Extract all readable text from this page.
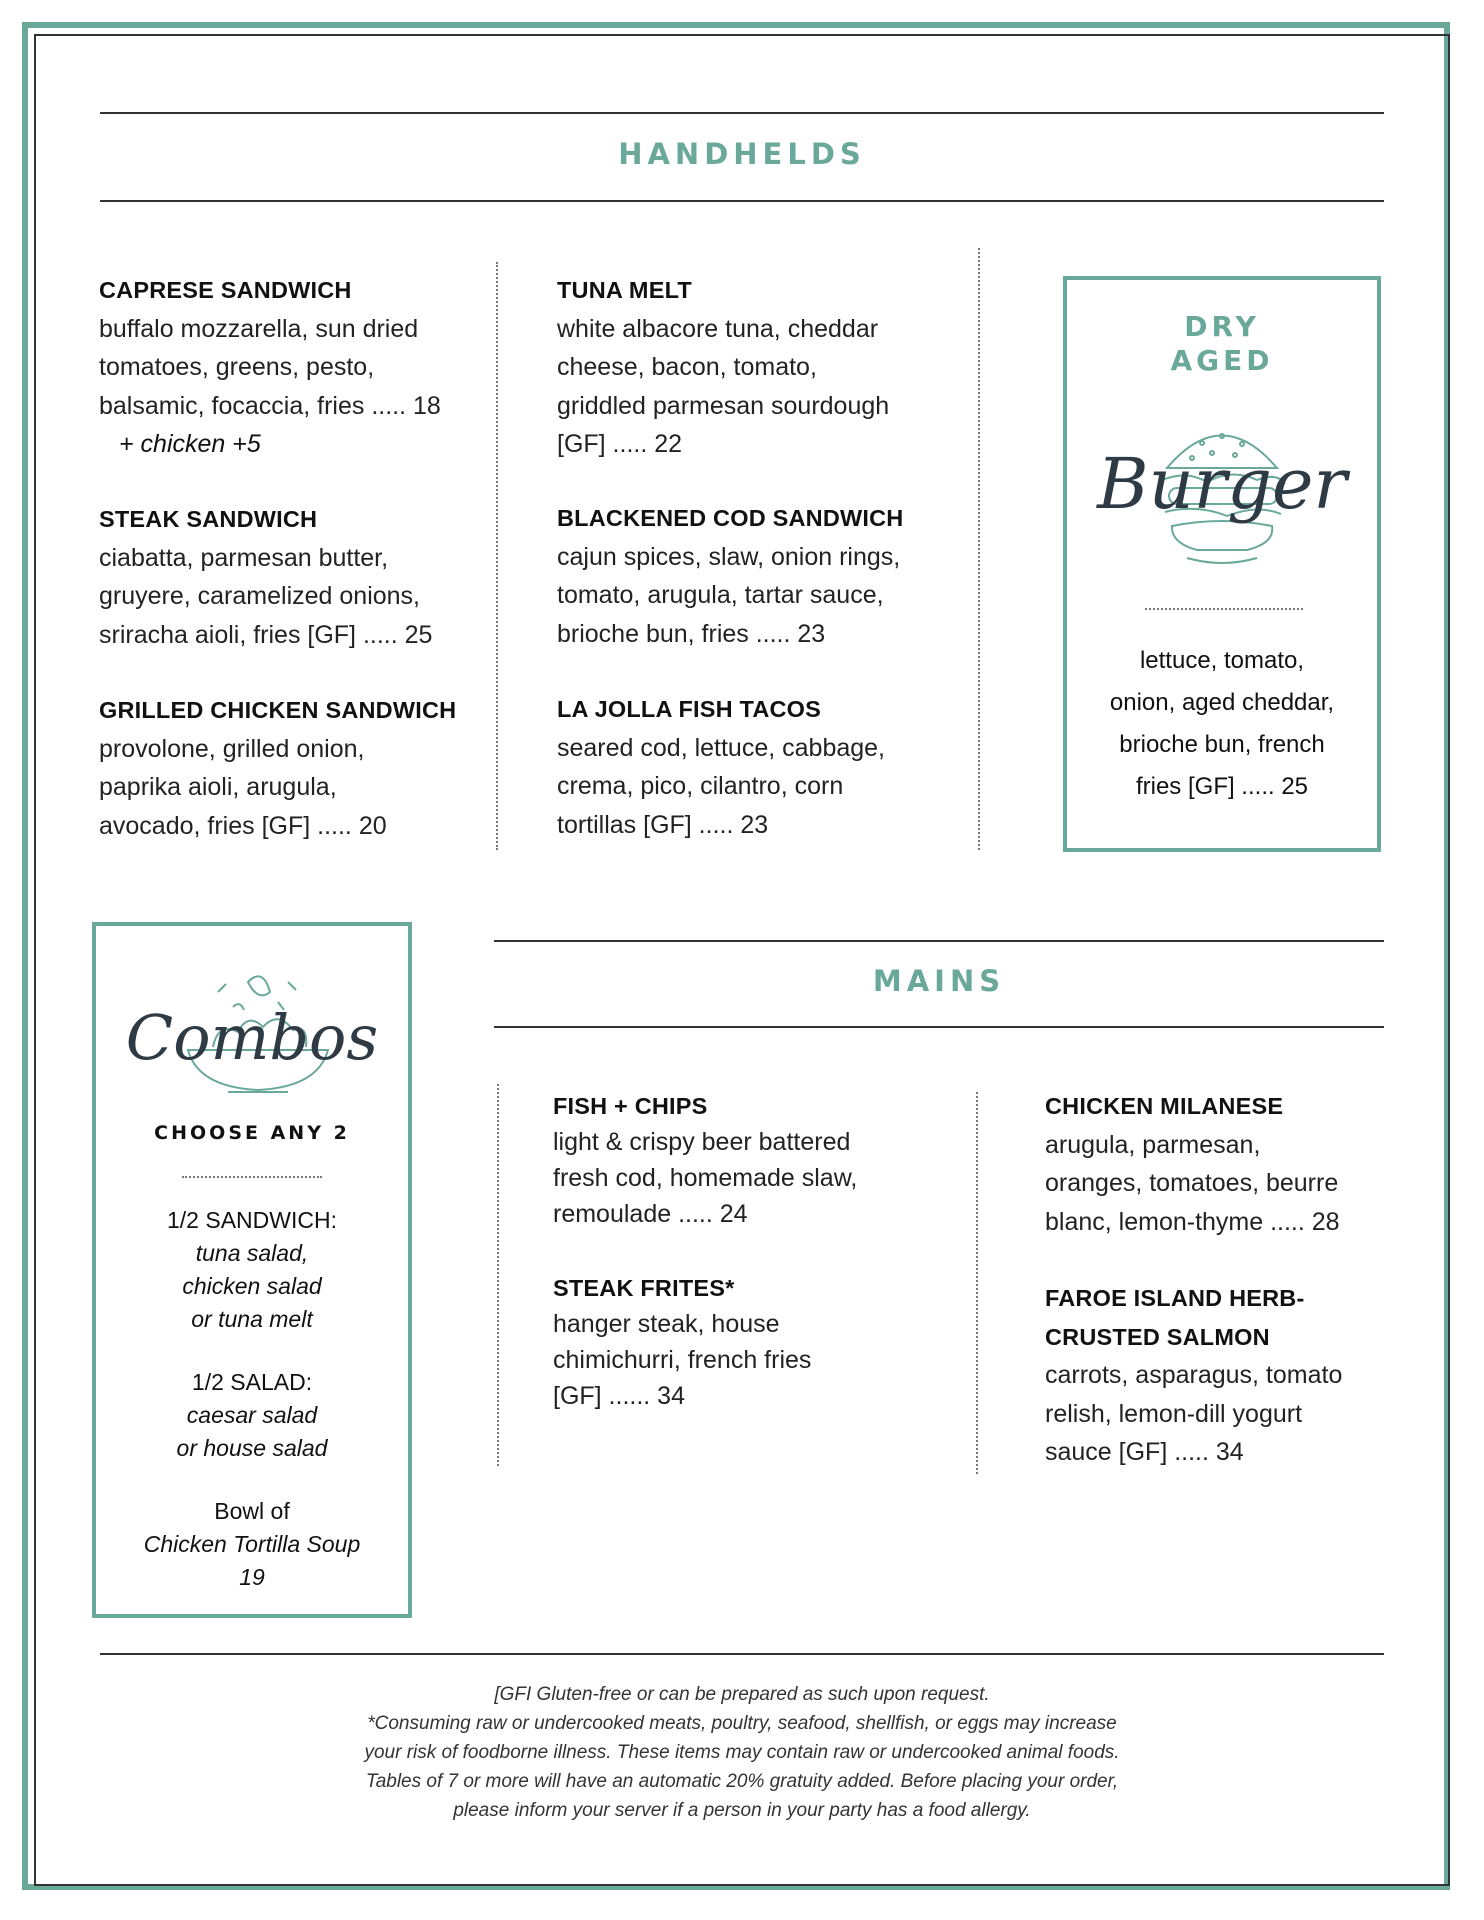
HANDHELDS
CAPRESE SANDWICH
buffalo mozzarella, sun dried
tomatoes, greens, pesto,
balsamic, focaccia, fries ..... 18
+ chicken +5
STEAK SANDWICH
ciabatta, parmesan butter,
gruyere, caramelized onions,
sriracha aioli, fries [GF] ..... 25
GRILLED CHICKEN SANDWICH
provolone, grilled onion,
paprika aioli, arugula,
avocado, fries [GF] ..... 20
TUNA MELT
white albacore tuna, cheddar
cheese, bacon, tomato,
griddled parmesan sourdough
[GF] ..... 22
BLACKENED COD SANDWICH
cajun spices, slaw, onion rings,
tomato, arugula, tartar sauce,
brioche bun, fries ..... 23
LA JOLLA FISH TACOS
seared cod, lettuce, cabbage,
crema, pico, cilantro, corn
tortillas [GF] ..... 23
DRY
AGED
Burger
lettuce, tomato,
onion, aged cheddar,
brioche bun, french
fries [GF] ..... 25
Combos
CHOOSE ANY 2
1/2 SANDWICH:
tuna salad,
chicken salad
or tuna melt
1/2 SALAD:
caesar salad
or house salad
Bowl of
Chicken Tortilla Soup
19
MAINS
FISH + CHIPS
light & crispy beer battered
fresh cod, homemade slaw,
remoulade ..... 24
STEAK FRITES*
hanger steak, house
chimichurri, french fries
[GF] ...... 34
CHICKEN MILANESE
arugula, parmesan,
oranges, tomatoes, beurre
blanc, lemon-thyme ..... 28
FAROE ISLAND HERB-
CRUSTED SALMON
carrots, asparagus, tomato
relish, lemon-dill yogurt
sauce [GF] ..... 34
[GFI Gluten-free or can be prepared as such upon request.
*Consuming raw or undercooked meats, poultry, seafood, shellfish, or eggs may increase
your risk of foodborne illness. These items may contain raw or undercooked animal foods.
Tables of 7 or more will have an automatic 20% gratuity added. Before placing your order,
please inform your server if a person in your party has a food allergy.
